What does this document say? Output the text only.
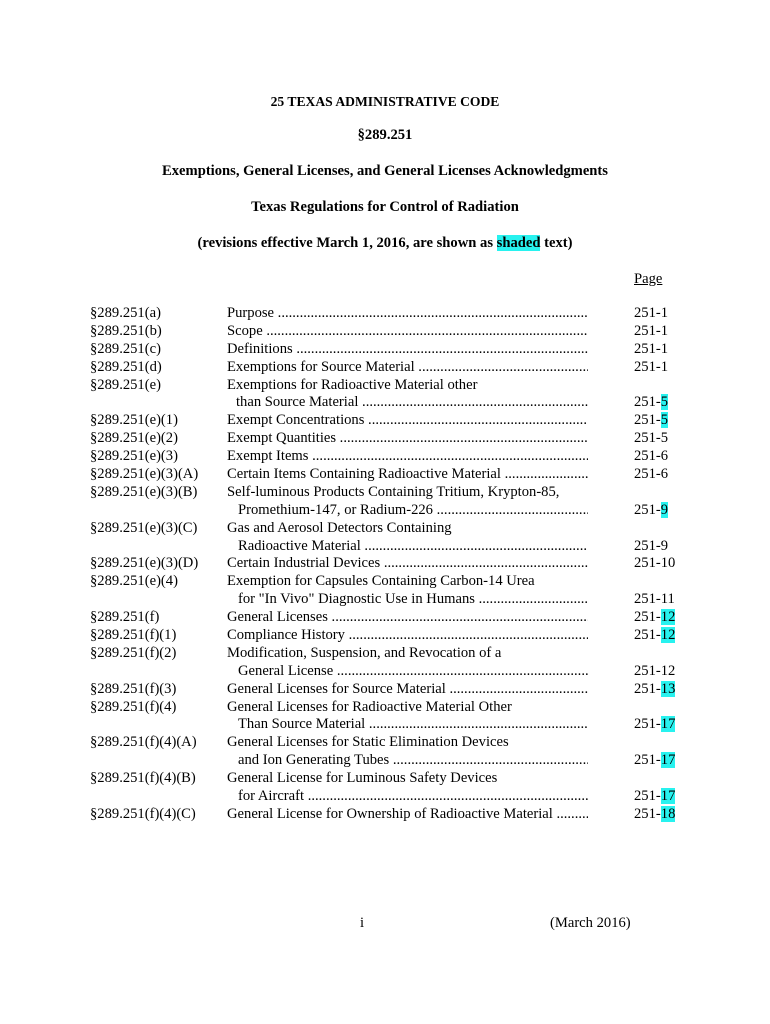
25 TEXAS ADMINISTRATIVE CODE
§289.251
Exemptions, General Licenses, and General Licenses Acknowledgments
Texas Regulations for Control of Radiation
(revisions effective March 1, 2016, are shown as shaded text)
Page
§289.251(a)	Purpose .....	251-1
§289.251(b)	Scope .....	251-1
§289.251(c)	Definitions .....	251-1
§289.251(d)	Exemptions for Source Material .....	251-1
§289.251(e)	Exemptions for Radioactive Material other
than Source Material .....	251-5
§289.251(e)(1)	Exempt Concentrations .....	251-5
§289.251(e)(2)	Exempt Quantities .....	251-5
§289.251(e)(3)	Exempt Items .....	251-6
§289.251(e)(3)(A) Certain Items Containing Radioactive Material .....	251-6
§289.251(e)(3)(B) Self-luminous Products Containing Tritium, Krypton-85,
Promethium-147, or Radium-226 .....	251-9
§289.251(e)(3)(C) Gas and Aerosol Detectors Containing
Radioactive Material .....	251-9
§289.251(e)(3)(D) Certain Industrial Devices .....	251-10
§289.251(e)(4)	Exemption for Capsules Containing Carbon-14 Urea
for "In Vivo" Diagnostic Use in Humans .....	251-11
§289.251(f)	General Licenses .....	251-12
§289.251(f)(1)	Compliance History .....	251-12
§289.251(f)(2)	Modification, Suspension, and Revocation of a
General License .....	251-12
§289.251(f)(3)	General Licenses for Source Material .....	251-13
§289.251(f)(4)	General Licenses for Radioactive Material Other
Than Source Material .....	251-17
§289.251(f)(4)(A) General Licenses for Static Elimination Devices
and Ion Generating Tubes .....	251-17
§289.251(f)(4)(B) General License for Luminous Safety Devices
for Aircraft .....	251-17
§289.251(f)(4)(C) General License for Ownership of Radioactive Material .....	251-18
i	(March 2016)
